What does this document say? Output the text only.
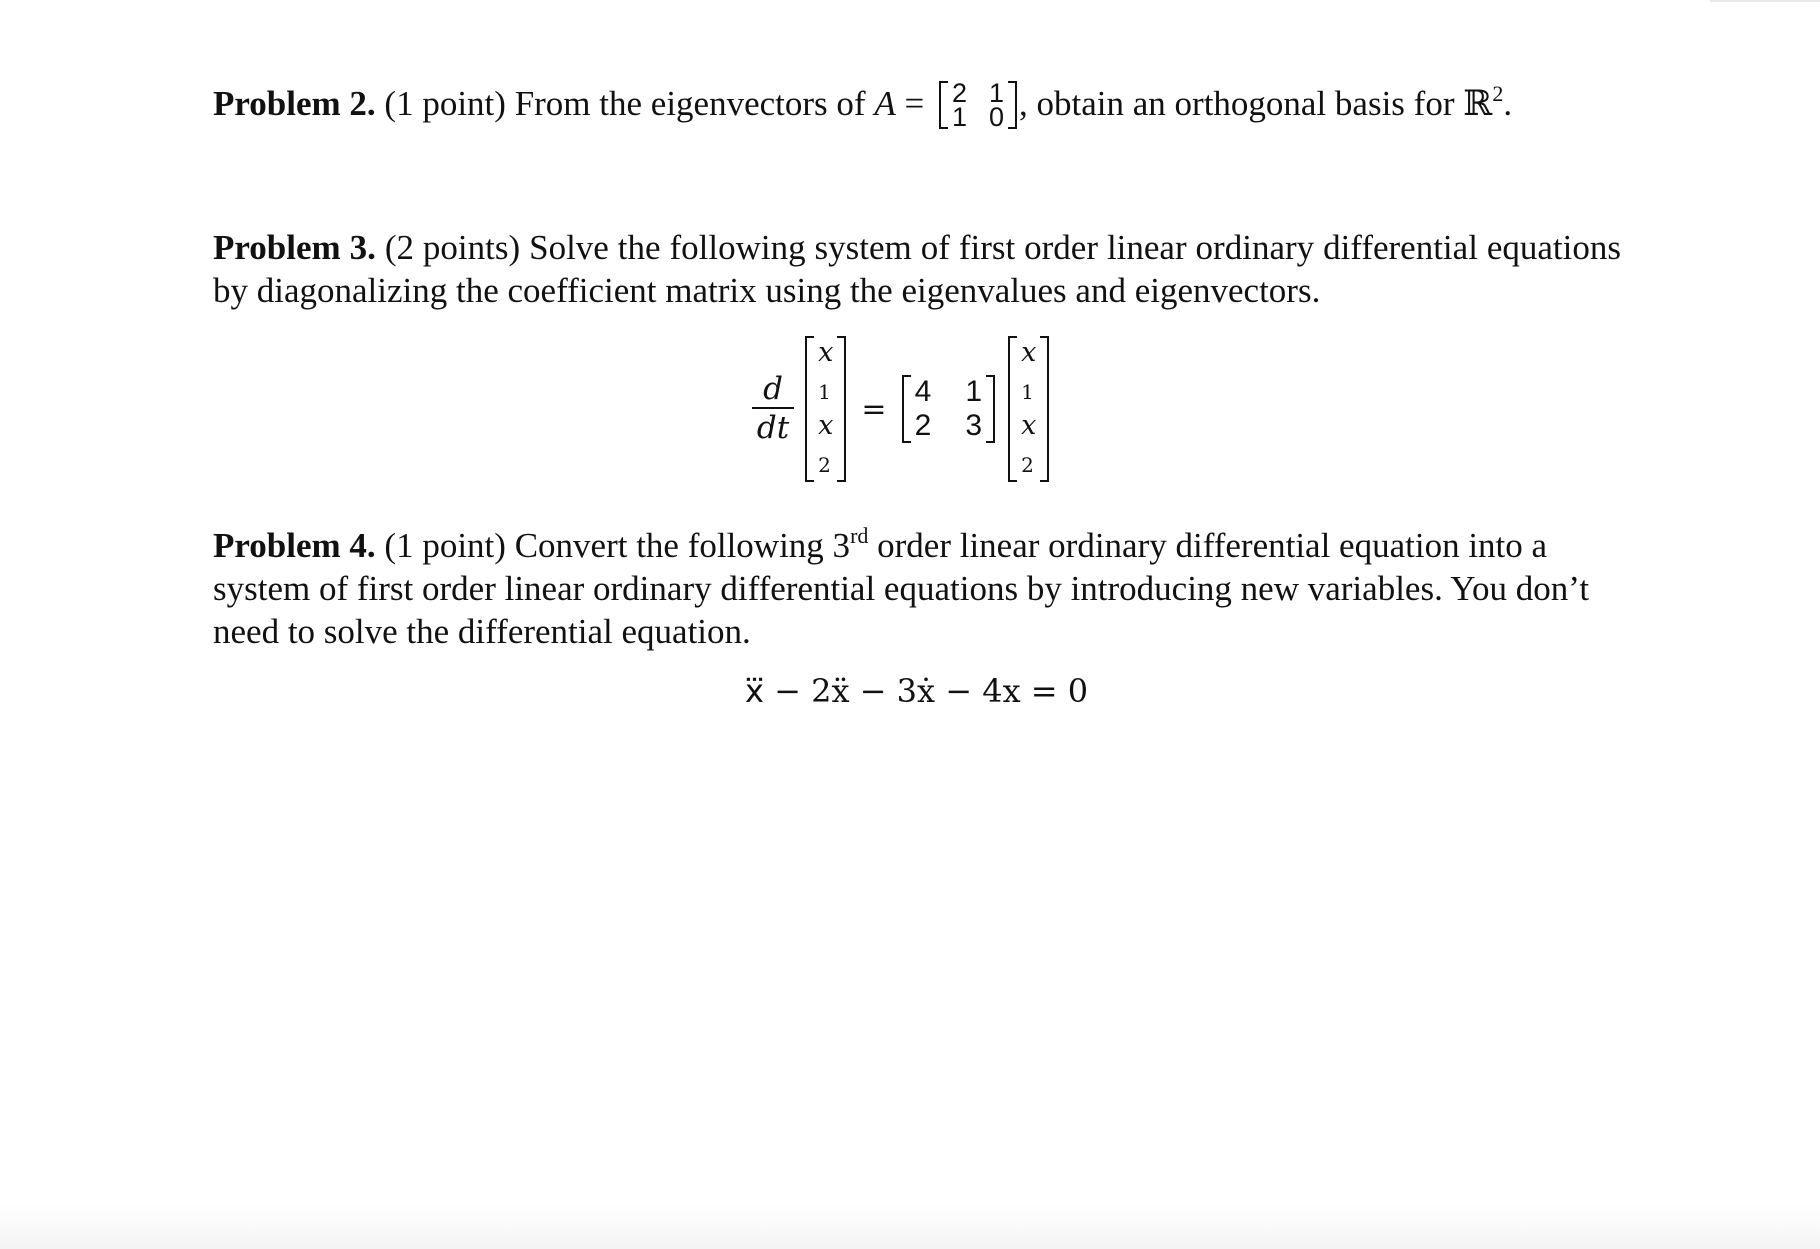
Problem 2. (1 point) From the eigenvectors of A = 2 1
1 0 , obtain an orthogonal basis for ℝ$^2$.
Problem 3. (2 points) Solve the following system of first order linear ordinary differential equations by diagonalizing the coefficient matrix using the eigenvalues and eigenvectors.
$\frac{d}{dt}$

x
$_1$
x
$_2$
= 4 1
2 3

x
$_1$
x
$_2$
Problem 4. (1 point) Convert the following 3rd order linear ordinary differential equation into a system of first order linear ordinary differential equations by introducing new variables. You don’t need to solve the differential equation.
x⃛ − 2ẍ − 3ẋ − 4x = 0
